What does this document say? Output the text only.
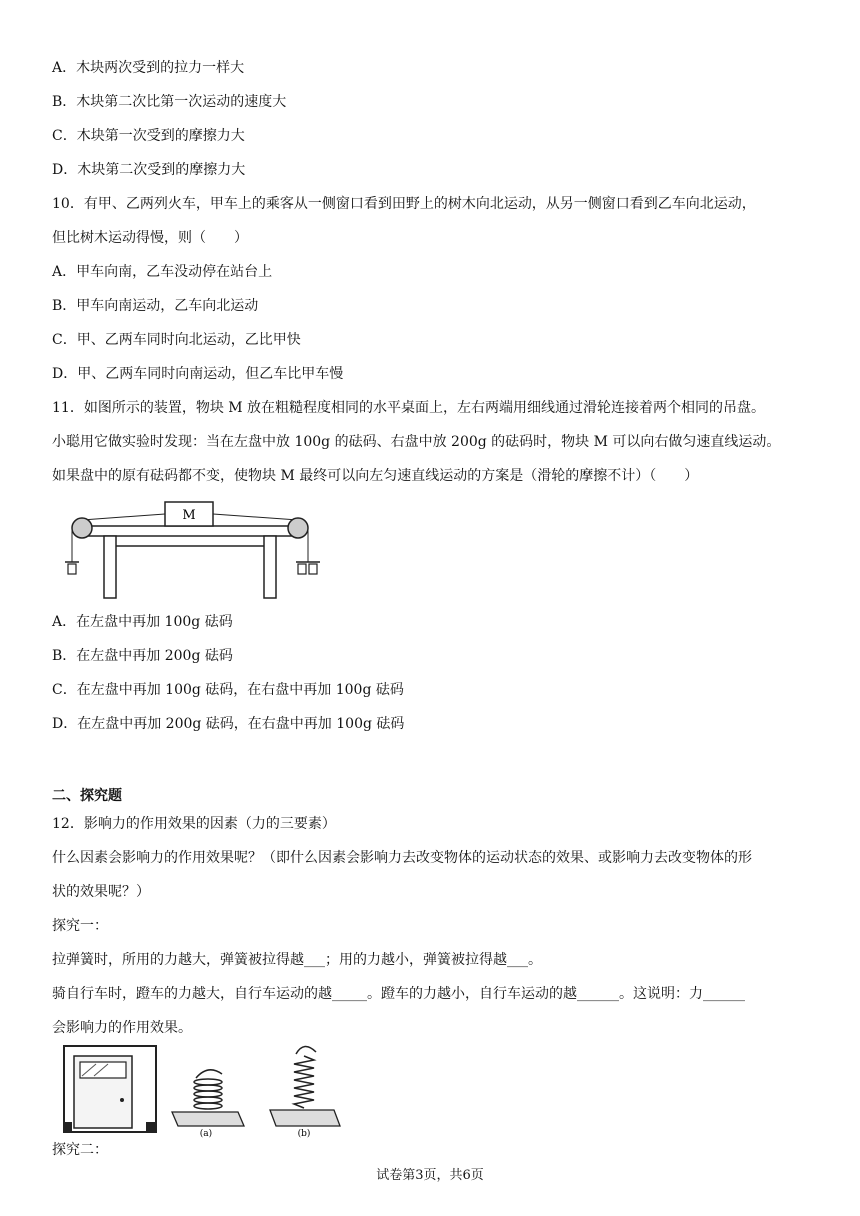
A．木块两次受到的拉力一样大
B．木块第二次比第一次运动的速度大
C．木块第一次受到的摩擦力大
D．木块第二次受到的摩擦力大
10．有甲、乙两列火车，甲车上的乘客从一侧窗口看到田野上的树木向北运动，从另一侧窗口看到乙车向北运动，
但比树木运动得慢，则（　　）
A．甲车向南，乙车没动停在站台上
B．甲车向南运动，乙车向北运动
C．甲、乙两车同时向北运动，乙比甲快
D．甲、乙两车同时向南运动，但乙车比甲车慢
11．如图所示的装置，物块 M 放在粗糙程度相同的水平桌面上，左右两端用细线通过滑轮连接着两个相同的吊盘。
小聪用它做实验时发现：当在左盘中放 100g 的砝码、右盘中放 200g 的砝码时，物块 M 可以向右做匀速直线运动。
如果盘中的原有砝码都不变，使物块 M 最终可以向左匀速直线运动的方案是（滑轮的摩擦不计）（　　）
M
A．在左盘中再加 100g 砝码
B．在左盘中再加 200g 砝码
C．在左盘中再加 100g 砝码，在右盘中再加 100g 砝码
D．在左盘中再加 200g 砝码，在右盘中再加 100g 砝码
二、探究题
12．影响力的作用效果的因素（力的三要素）
什么因素会影响力的作用效果呢？（即什么因素会影响力去改变物体的运动状态的效果、或影响力去改变物体的形
状的效果呢？）
探究一：
拉弹簧时，所用的力越大，弹簧被拉得越___；用的力越小，弹簧被拉得越___。
骑自行车时，蹬车的力越大，自行车运动的越_____。蹬车的力越小，自行车运动的越______。这说明：力______
会影响力的作用效果。
(a)	(b)
探究二：
试卷第3页，共6页
